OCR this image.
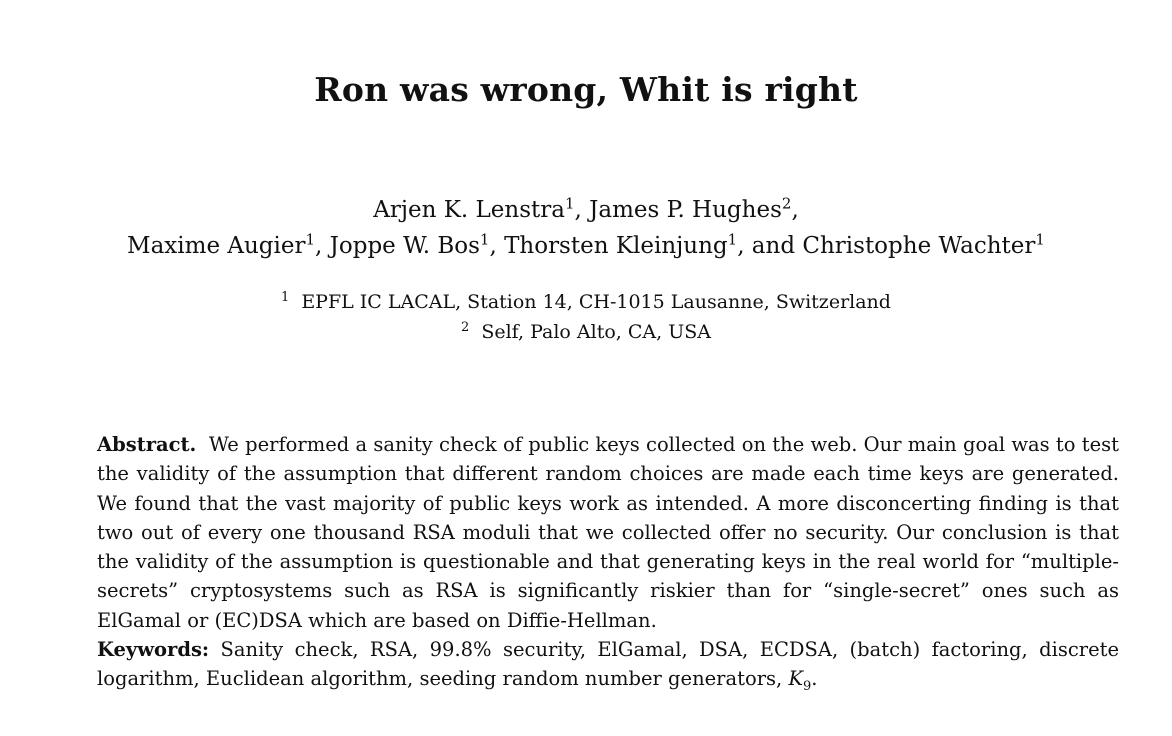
Ron was wrong, Whit is right
Arjen K. Lenstra$^1$, James P. Hughes$^2$,
Maxime Augier$^1$, Joppe W. Bos$^1$, Thorsten Kleinjung$^1$, and Christophe Wachter$^1$
$^1$ EPFL IC LACAL, Station 14, CH-1015 Lausanne, Switzerland
$^2$ Self, Palo Alto, CA, USA

Abstract. We performed a sanity check of public keys collected on the web. Our main goal was to test the validity of the assumption that different random choices are made each time keys are generated. We found that the vast majority of public keys work as intended. A more disconcerting finding is that two out of every one thousand RSA moduli that we collected offer no security. Our conclusion is that the validity of the assumption is questionable and that generating keys in the real world for “multiple-secrets” cryptosystems such as RSA is significantly riskier than for “single-secret” ones such as ElGamal or (EC)DSA which are based on Diffie-Hellman.

Keywords: Sanity check, RSA, 99.8% security, ElGamal, DSA, ECDSA, (batch) factoring, discrete logarithm, Euclidean algorithm, seeding random number generators, $K_9$.
